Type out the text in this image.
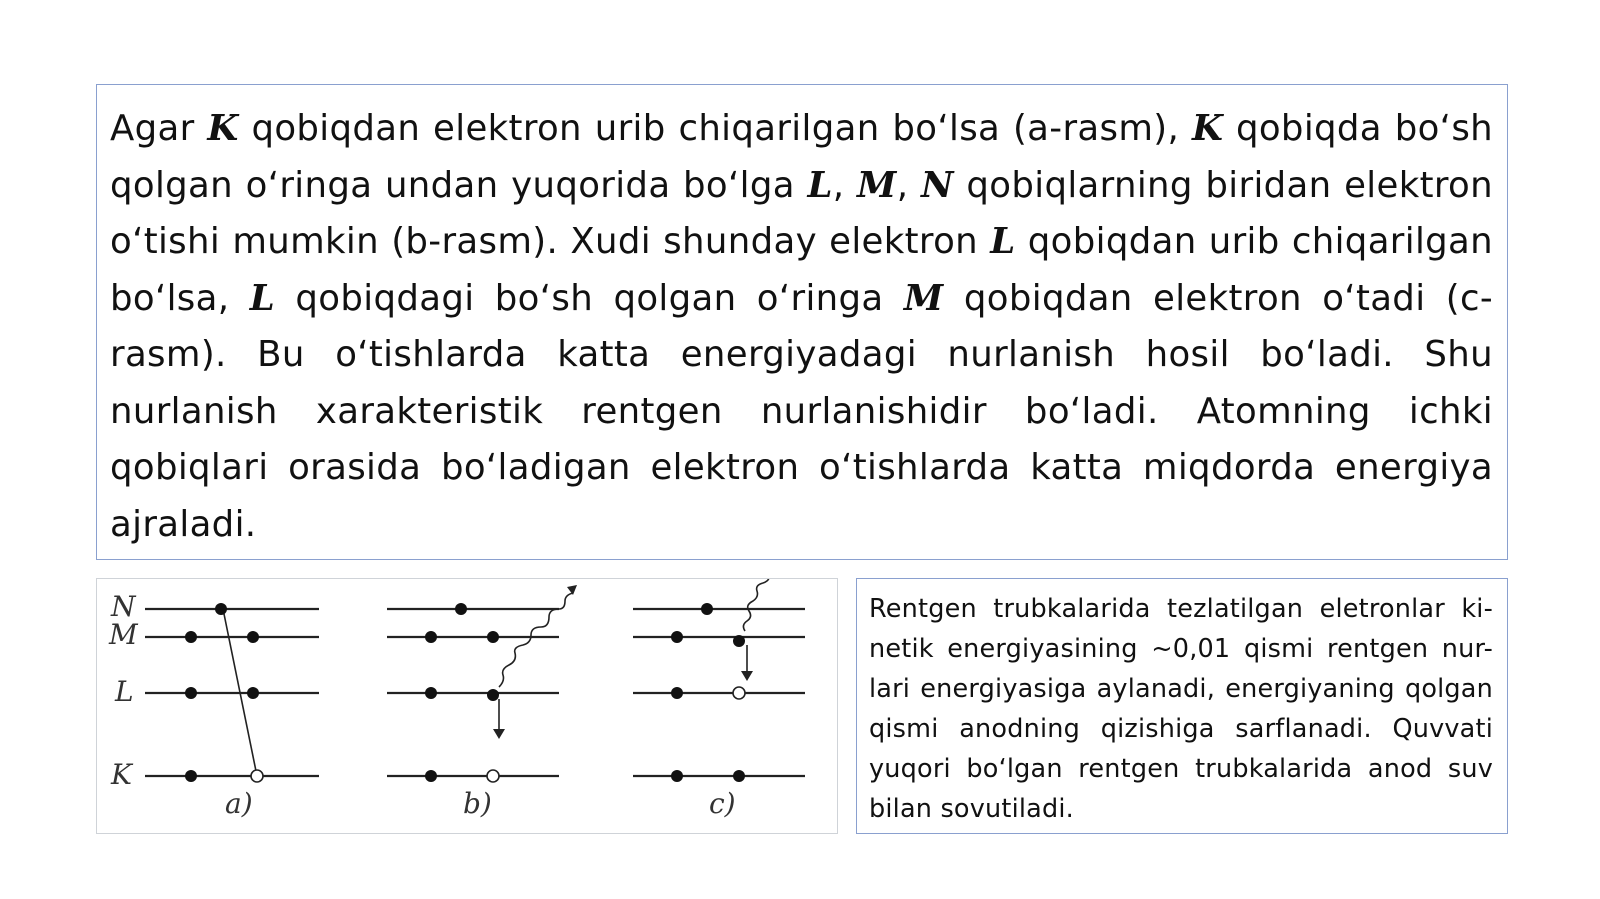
Agar K qobiqdan elektron urib chiqarilgan bo‘lsa (a-rasm), K qobiqda bo‘sh qolgan o‘ringa undan yuqorida bo‘lga L, M, N qobiqlarning biridan elektron o‘tishi mumkin (b-rasm). Xudi shunday elektron L qobiqdan urib chiqarilgan bo‘lsa, L qobiqdagi bo‘sh qolgan o‘ringa M qobiqdan elektron o‘tadi (c-rasm). Bu o‘tishlarda katta energiyadagi nurlanish hosil bo‘ladi. Shu nurlanish xarakteristik rentgen nurlanishidir bo‘ladi. Atomning ichki qobiqlari orasida bo‘ladigan elektron o‘tishlarda katta miqdorda energiya ajraladi.

N
M
L
K
a)	b)	c)

Rentgen trubkalarida tezlatilgan eletronlar ki-netik energiyasining ~0,01 qismi rentgen nur-lari energiyasiga aylanadi, energiyaning qolgan qismi anodning qizishiga sarflanadi. Quvvati yuqori bo‘lgan rentgen trubkalarida anod suv bilan sovutiladi.
